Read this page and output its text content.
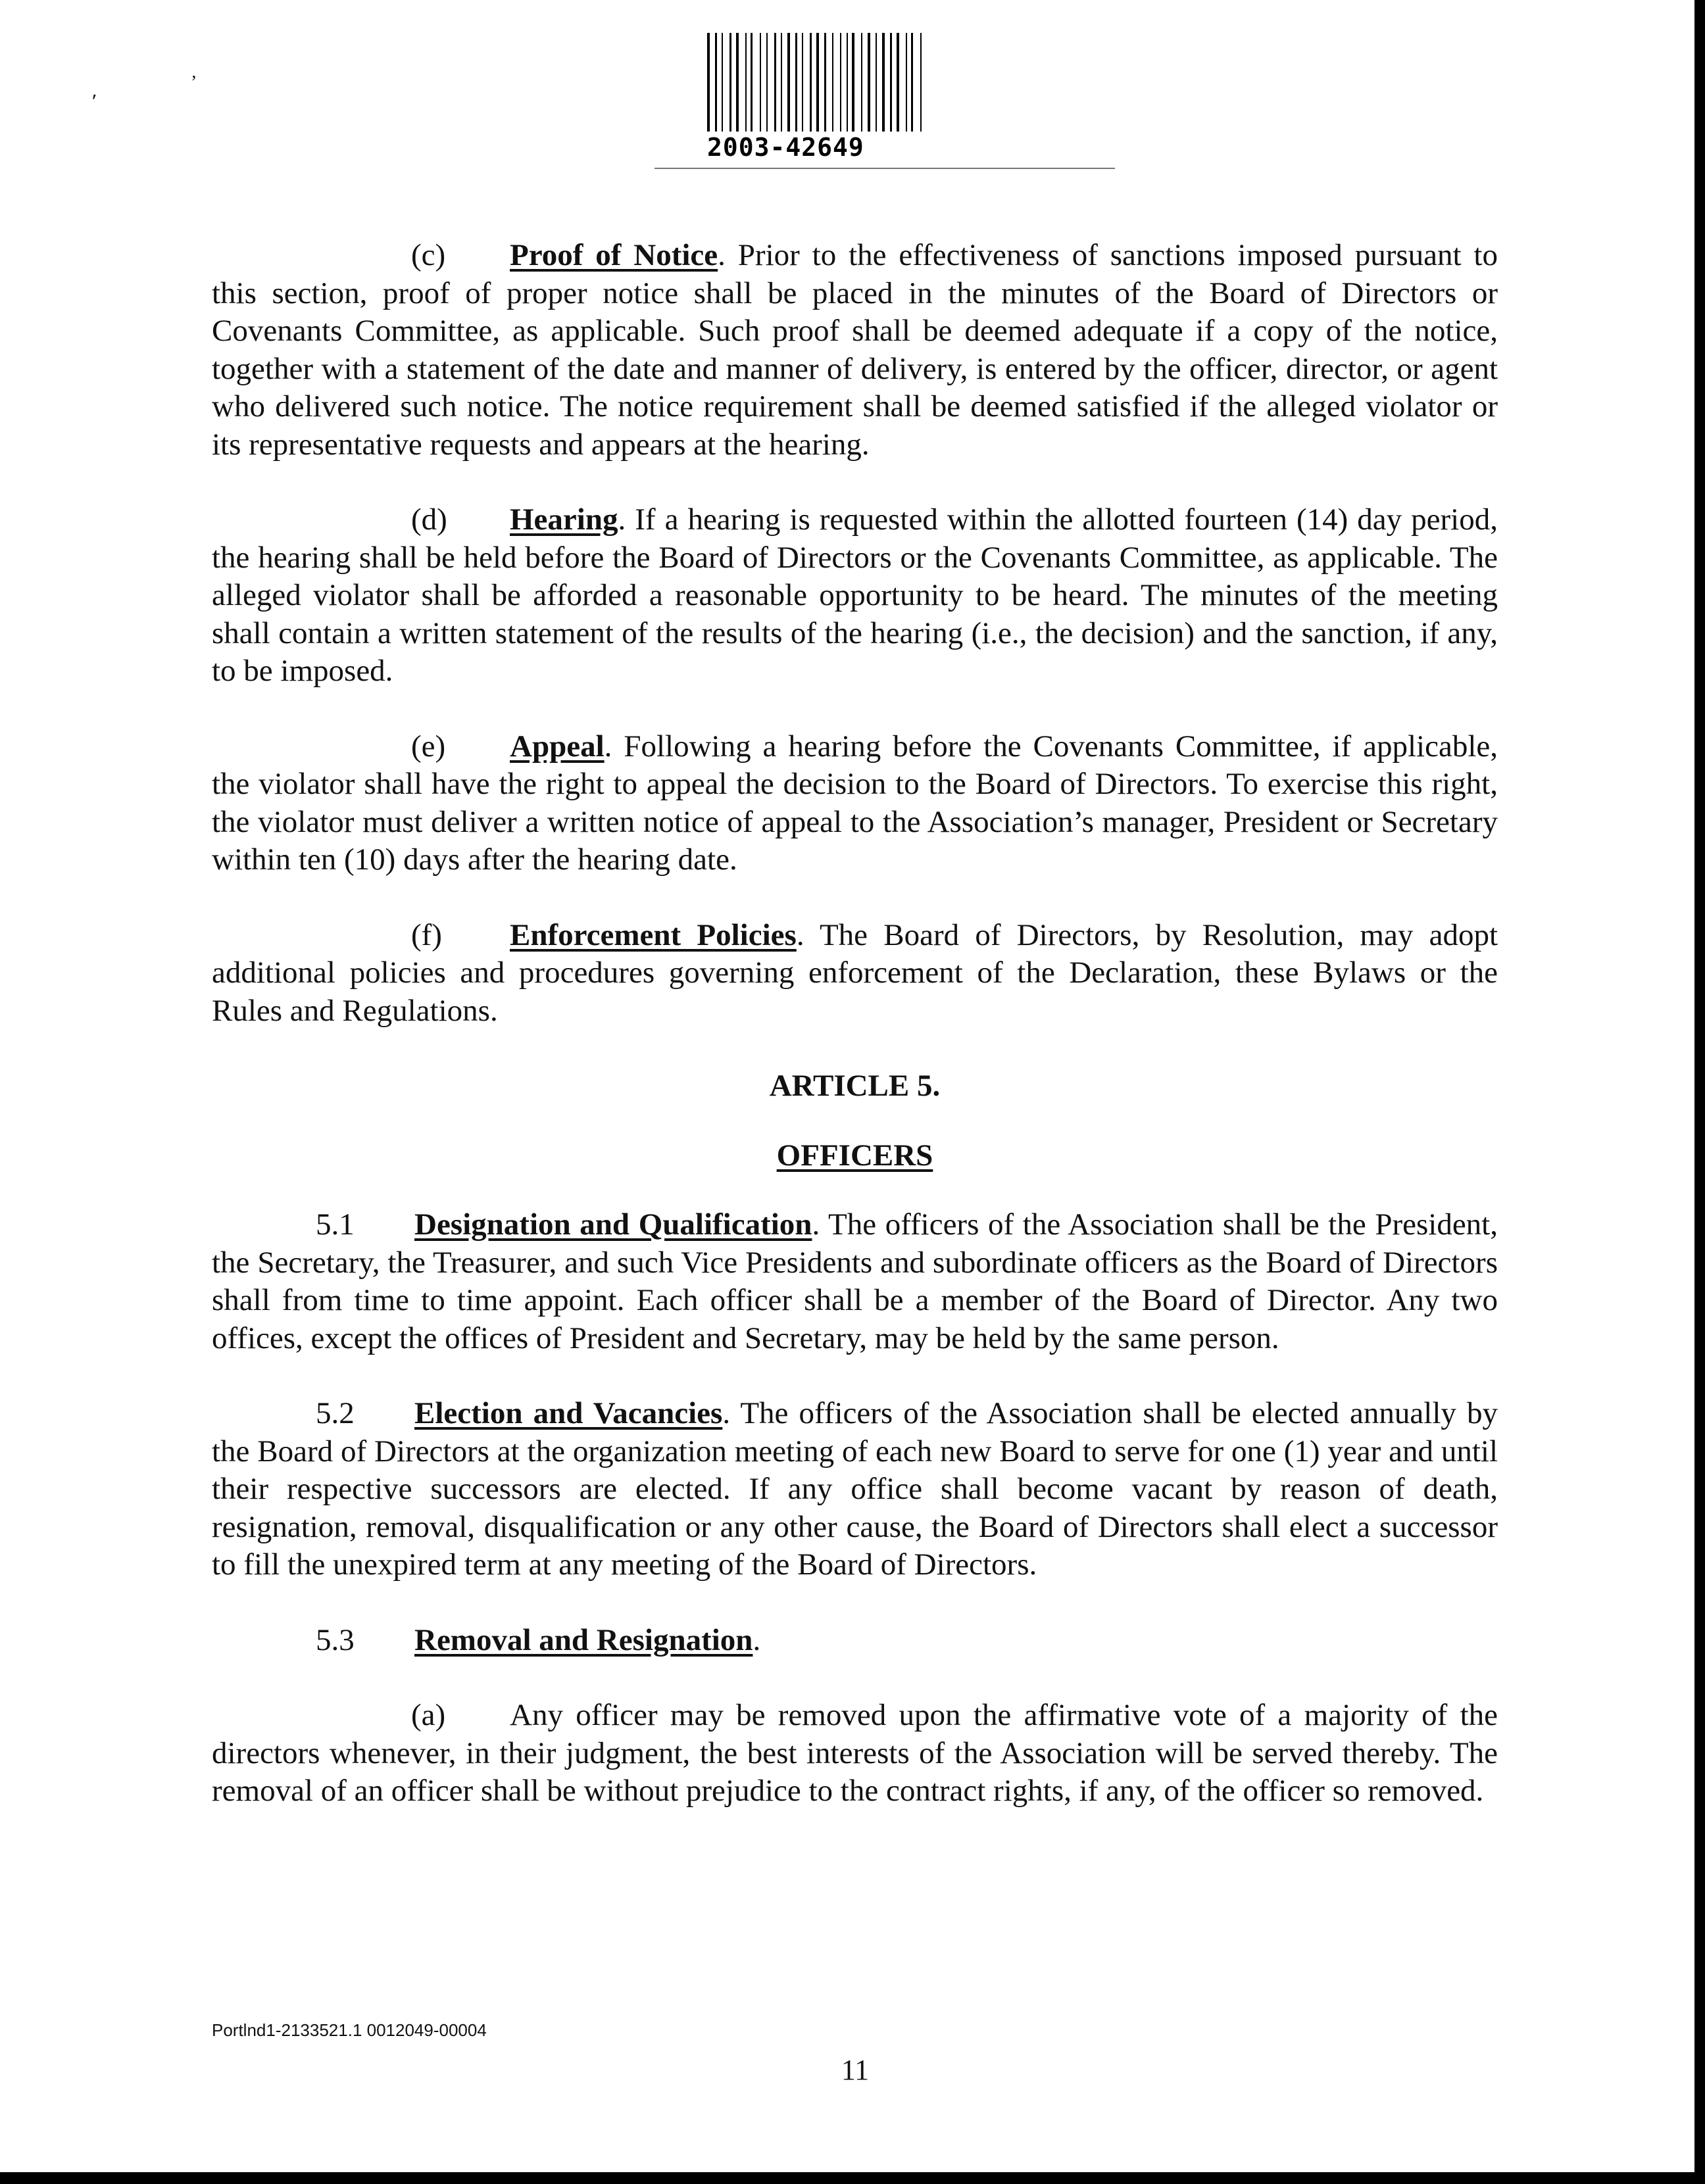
⸴
ʼ
2003-42649

(c) Proof of Notice. Prior to the effectiveness of sanctions imposed pursuant to this section, proof of proper notice shall be placed in the minutes of the Board of Directors or Covenants Committee, as applicable. Such proof shall be deemed adequate if a copy of the notice, together with a statement of the date and manner of delivery, is entered by the officer, director, or agent who delivered such notice. The notice requirement shall be deemed satisfied if the alleged violator or its representative requests and appears at the hearing.

(d) Hearing. If a hearing is requested within the allotted fourteen (14) day period, the hearing shall be held before the Board of Directors or the Covenants Committee, as applicable. The alleged violator shall be afforded a reasonable opportunity to be heard. The minutes of the meeting shall contain a written statement of the results of the hearing (i.e., the decision) and the sanction, if any, to be imposed.

(e) Appeal. Following a hearing before the Covenants Committee, if applicable, the violator shall have the right to appeal the decision to the Board of Directors. To exercise this right, the violator must deliver a written notice of appeal to the Association’s manager, President or Secretary within ten (10) days after the hearing date.

(f) Enforcement Policies. The Board of Directors, by Resolution, may adopt additional policies and procedures governing enforcement of the Declaration, these Bylaws or the Rules and Regulations.

ARTICLE 5.
OFFICERS

5.1 Designation and Qualification. The officers of the Association shall be the President, the Secretary, the Treasurer, and such Vice Presidents and subordinate officers as the Board of Directors shall from time to time appoint. Each officer shall be a member of the Board of Director. Any two offices, except the offices of President and Secretary, may be held by the same person.

5.2 Election and Vacancies. The officers of the Association shall be elected annually by the Board of Directors at the organization meeting of each new Board to serve for one (1) year and until their respective successors are elected. If any office shall become vacant by reason of death, resignation, removal, disqualification or any other cause, the Board of Directors shall elect a successor to fill the unexpired term at any meeting of the Board of Directors.

5.3 Removal and Resignation.

(a) Any officer may be removed upon the affirmative vote of a majority of the directors whenever, in their judgment, the best interests of the Association will be served thereby. The removal of an officer shall be without prejudice to the contract rights, if any, of the officer so removed.

Portlnd1-2133521.1 0012049-00004
11
